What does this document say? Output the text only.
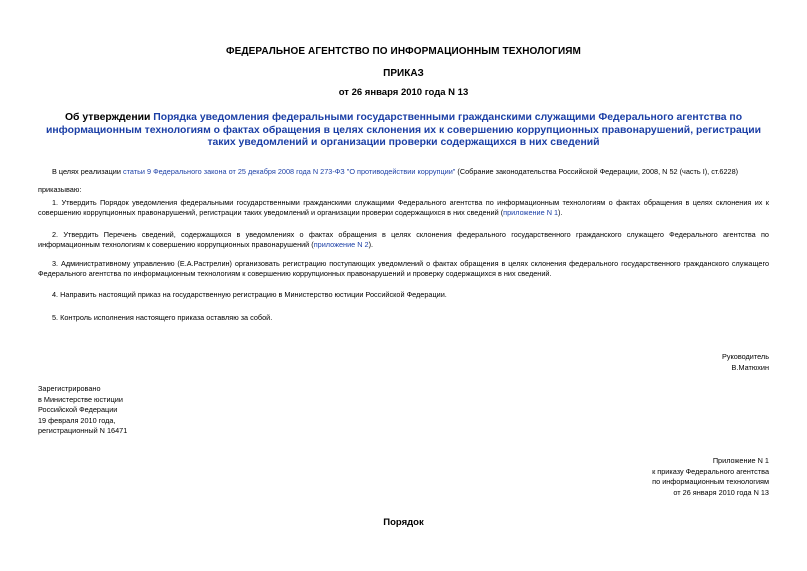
ФЕДЕРАЛЬНОЕ АГЕНТСТВО ПО ИНФОРМАЦИОННЫМ ТЕХНОЛОГИЯМ
ПРИКАЗ
от 26 января 2010 года N 13
Об утверждении Порядка уведомления федеральными государственными гражданскими служащими Федерального агентства по информационным технологиям о фактах обращения в целях склонения их к совершению коррупционных правонарушений, регистрации таких уведомлений и организации проверки содержащихся в них сведений
В целях реализации статьи 9 Федерального закона от 25 декабря 2008 года N 273-ФЗ "О противодействии коррупции" (Собрание законодательства Российской Федерации, 2008, N 52 (часть I), ст.6228)
приказываю:
1. Утвердить Порядок уведомления федеральными государственными гражданскими служащими Федерального агентства по информационным технологиям о фактах обращения в целях склонения их к совершению коррупционных правонарушений, регистрации таких уведомлений и организации проверки содержащихся в них сведений (приложение N 1).
2. Утвердить Перечень сведений, содержащихся в уведомлениях о фактах обращения в целях склонения федерального государственного гражданского служащего Федерального агентства по информационным технологиям к совершению коррупционных правонарушений (приложение N 2).
3. Административному управлению (Е.А.Растрелин) организовать регистрацию поступающих уведомлений о фактах обращения в целях склонения федерального государственного гражданского служащего Федерального агентства по информационным технологиям к совершению коррупционных правонарушений и проверку содержащихся в них сведений.
4. Направить настоящий приказ на государственную регистрацию в Министерство юстиции Российской Федерации.
5. Контроль исполнения настоящего приказа оставляю за собой.
Руководитель
В.Матюхин
Зарегистрировано
в Министерстве юстиции
Российской Федерации
19 февраля 2010 года,
регистрационный N 16471
Приложение N 1
к приказу Федерального агентства
по информационным технологиям
от 26 января 2010 года N 13
Порядок
